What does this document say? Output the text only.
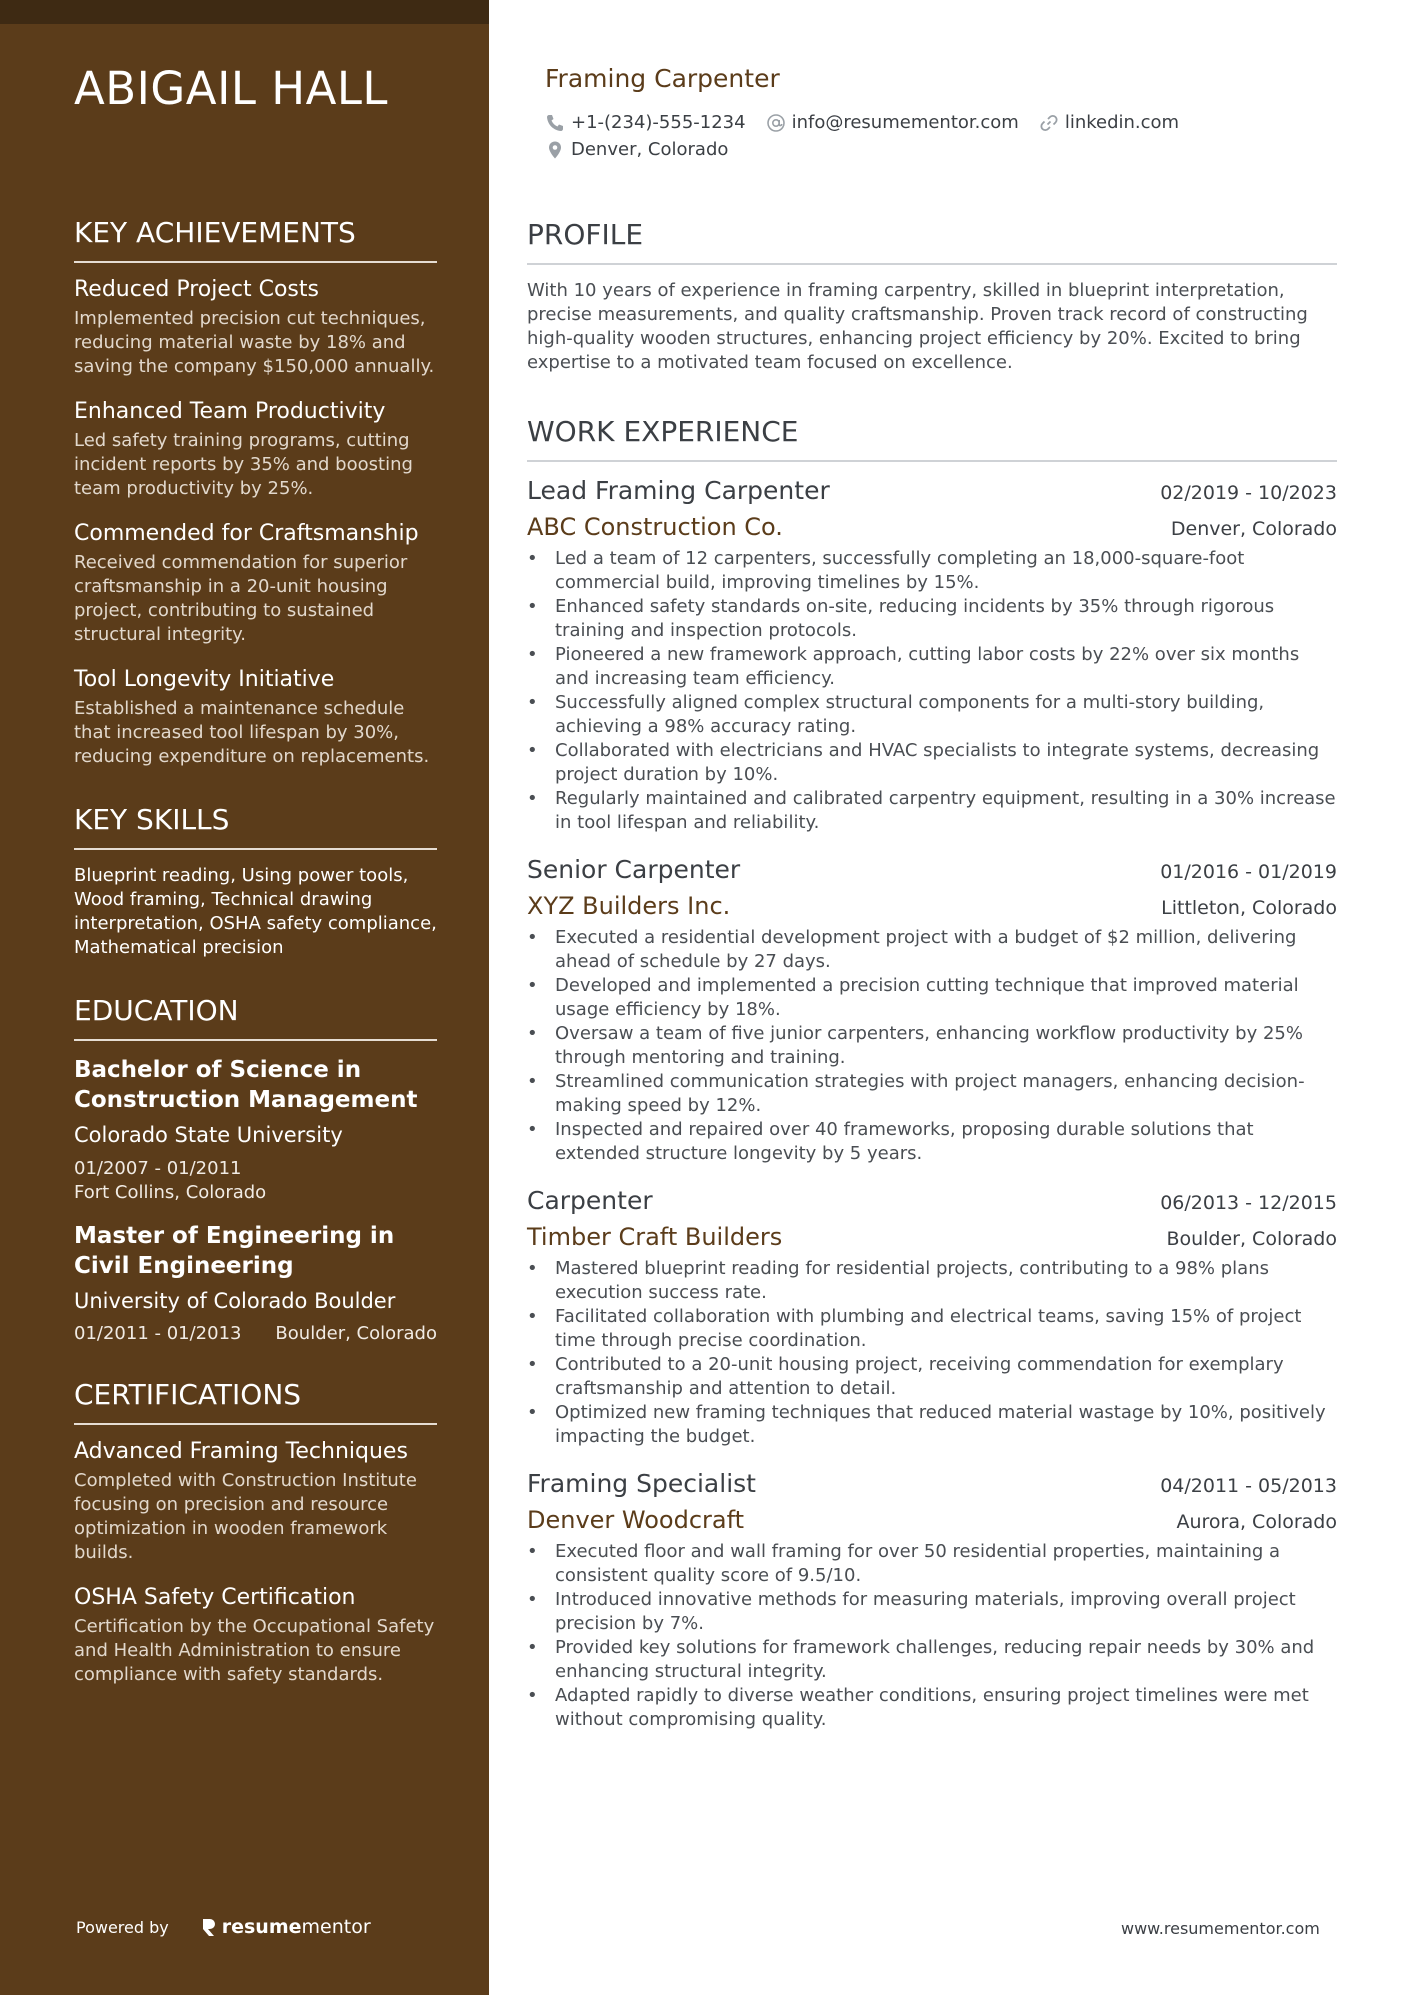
ABIGAIL HALL
KEY ACHIEVEMENTS
Reduced Project Costs
Implemented precision cut techniques, reducing material waste by 18% and saving the company $150,000 annually.
Enhanced Team Productivity
Led safety training programs, cutting incident reports by 35% and boosting team productivity by 25%.
Commended for Craftsmanship
Received commendation for superior craftsmanship in a 20-unit housing project, contributing to sustained structural integrity.
Tool Longevity Initiative
Established a maintenance schedule that increased tool lifespan by 30%, reducing expenditure on replacements.
KEY SKILLS
Blueprint reading, Using power tools, Wood framing, Technical drawing interpretation, OSHA safety compliance, Mathematical precision
EDUCATION
Bachelor of Science in Construction Management
Colorado State University
01/2007 - 01/2011
Fort Collins, Colorado
Master of Engineering in Civil Engineering
University of Colorado Boulder
01/2011 - 01/2013 Boulder, Colorado
CERTIFICATIONS
Advanced Framing Techniques
Completed with Construction Institute focusing on precision and resource optimization in wooden framework builds.
OSHA Safety Certification
Certification by the Occupational Safety and Health Administration to ensure compliance with safety standards.
Powered by	resume mentor
Framing Carpenter
+1-(234)-555-1234	info@resumementor.com	linkedin.com
Denver, Colorado
PROFILE
With 10 years of experience in framing carpentry, skilled in blueprint interpretation, precise measurements, and quality craftsmanship. Proven track record of constructing high-quality wooden structures, enhancing project efficiency by 20%. Excited to bring expertise to a motivated team focused on excellence.
WORK EXPERIENCE
Lead Framing Carpenter	02/2019 - 10/2023
ABC Construction Co.	Denver, Colorado
• Led a team of 12 carpenters, successfully completing an 18,000-square-foot commercial build, improving timelines by 15%.
• Enhanced safety standards on-site, reducing incidents by 35% through rigorous training and inspection protocols.
• Pioneered a new framework approach, cutting labor costs by 22% over six months and increasing team efficiency.
• Successfully aligned complex structural components for a multi-story building, achieving a 98% accuracy rating.
• Collaborated with electricians and HVAC specialists to integrate systems, decreasing project duration by 10%.
• Regularly maintained and calibrated carpentry equipment, resulting in a 30% increase in tool lifespan and reliability.
Senior Carpenter	01/2016 - 01/2019
XYZ Builders Inc.	Littleton, Colorado
• Executed a residential development project with a budget of $2 million, delivering ahead of schedule by 27 days.
• Developed and implemented a precision cutting technique that improved material usage efficiency by 18%.
• Oversaw a team of five junior carpenters, enhancing workflow productivity by 25% through mentoring and training.
• Streamlined communication strategies with project managers, enhancing decision-making speed by 12%.
• Inspected and repaired over 40 frameworks, proposing durable solutions that extended structure longevity by 5 years.
Carpenter	06/2013 - 12/2015
Timber Craft Builders	Boulder, Colorado
• Mastered blueprint reading for residential projects, contributing to a 98% plans execution success rate.
• Facilitated collaboration with plumbing and electrical teams, saving 15% of project time through precise coordination.
• Contributed to a 20-unit housing project, receiving commendation for exemplary craftsmanship and attention to detail.
• Optimized new framing techniques that reduced material wastage by 10%, positively impacting the budget.
Framing Specialist	04/2011 - 05/2013
Denver Woodcraft	Aurora, Colorado
• Executed floor and wall framing for over 50 residential properties, maintaining a consistent quality score of 9.5/10.
• Introduced innovative methods for measuring materials, improving overall project precision by 7%.
• Provided key solutions for framework challenges, reducing repair needs by 30% and enhancing structural integrity.
• Adapted rapidly to diverse weather conditions, ensuring project timelines were met without compromising quality.
www.resumementor.com
